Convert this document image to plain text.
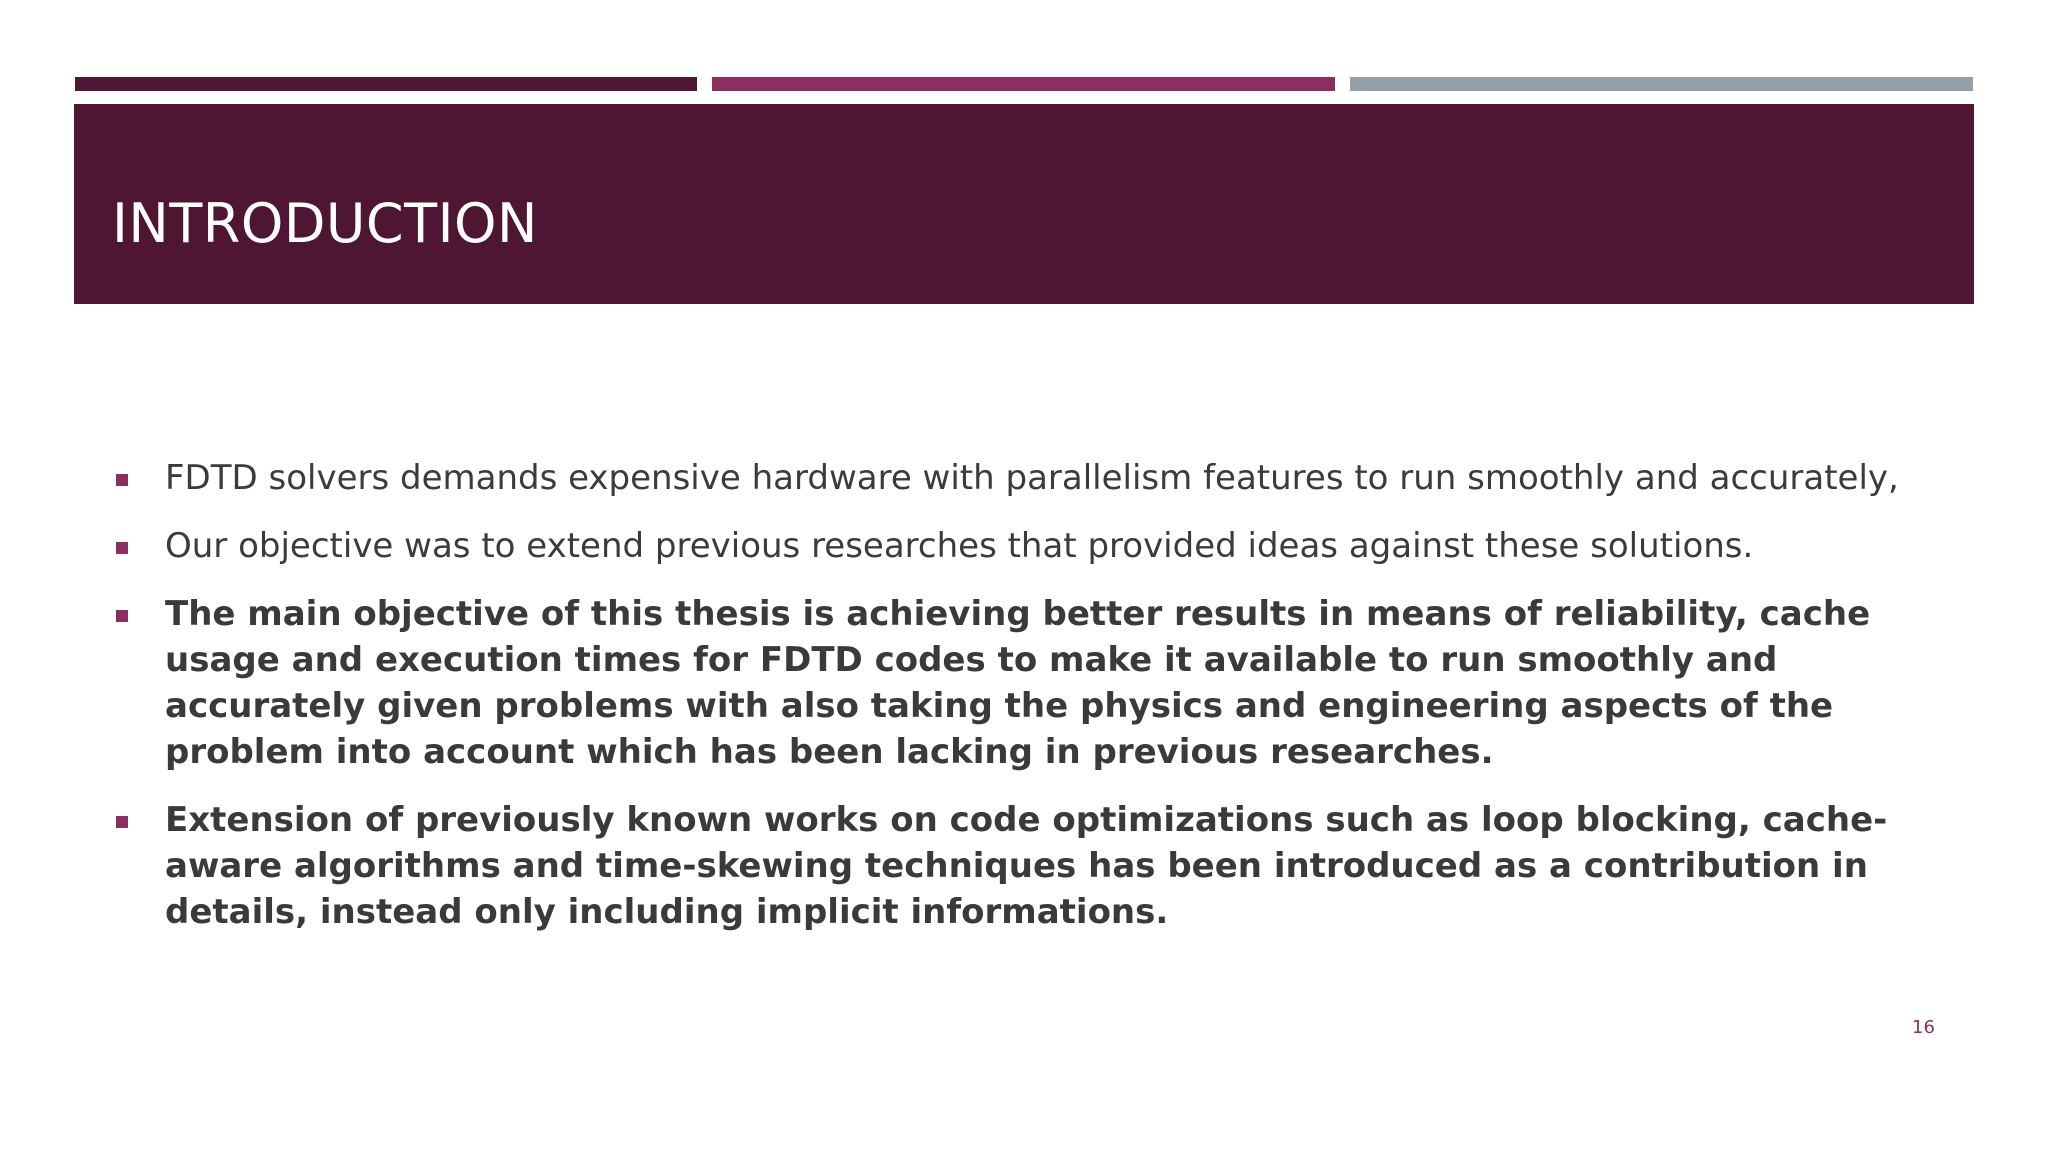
INTRODUCTION
FDTD solvers demands expensive hardware with parallelism features to run smoothly and accurately,
Our objective was to extend previous researches that provided ideas against these solutions.
The main objective of this thesis is achieving better results in means of reliability, cache usage and execution times for FDTD codes to make it available to run smoothly and accurately given problems with also taking the physics and engineering aspects of the problem into account which has been lacking in previous researches.
Extension of previously known works on code optimizations such as loop blocking, cache-aware algorithms and time-skewing techniques has been introduced as a contribution in details, instead only including implicit informations.
16
